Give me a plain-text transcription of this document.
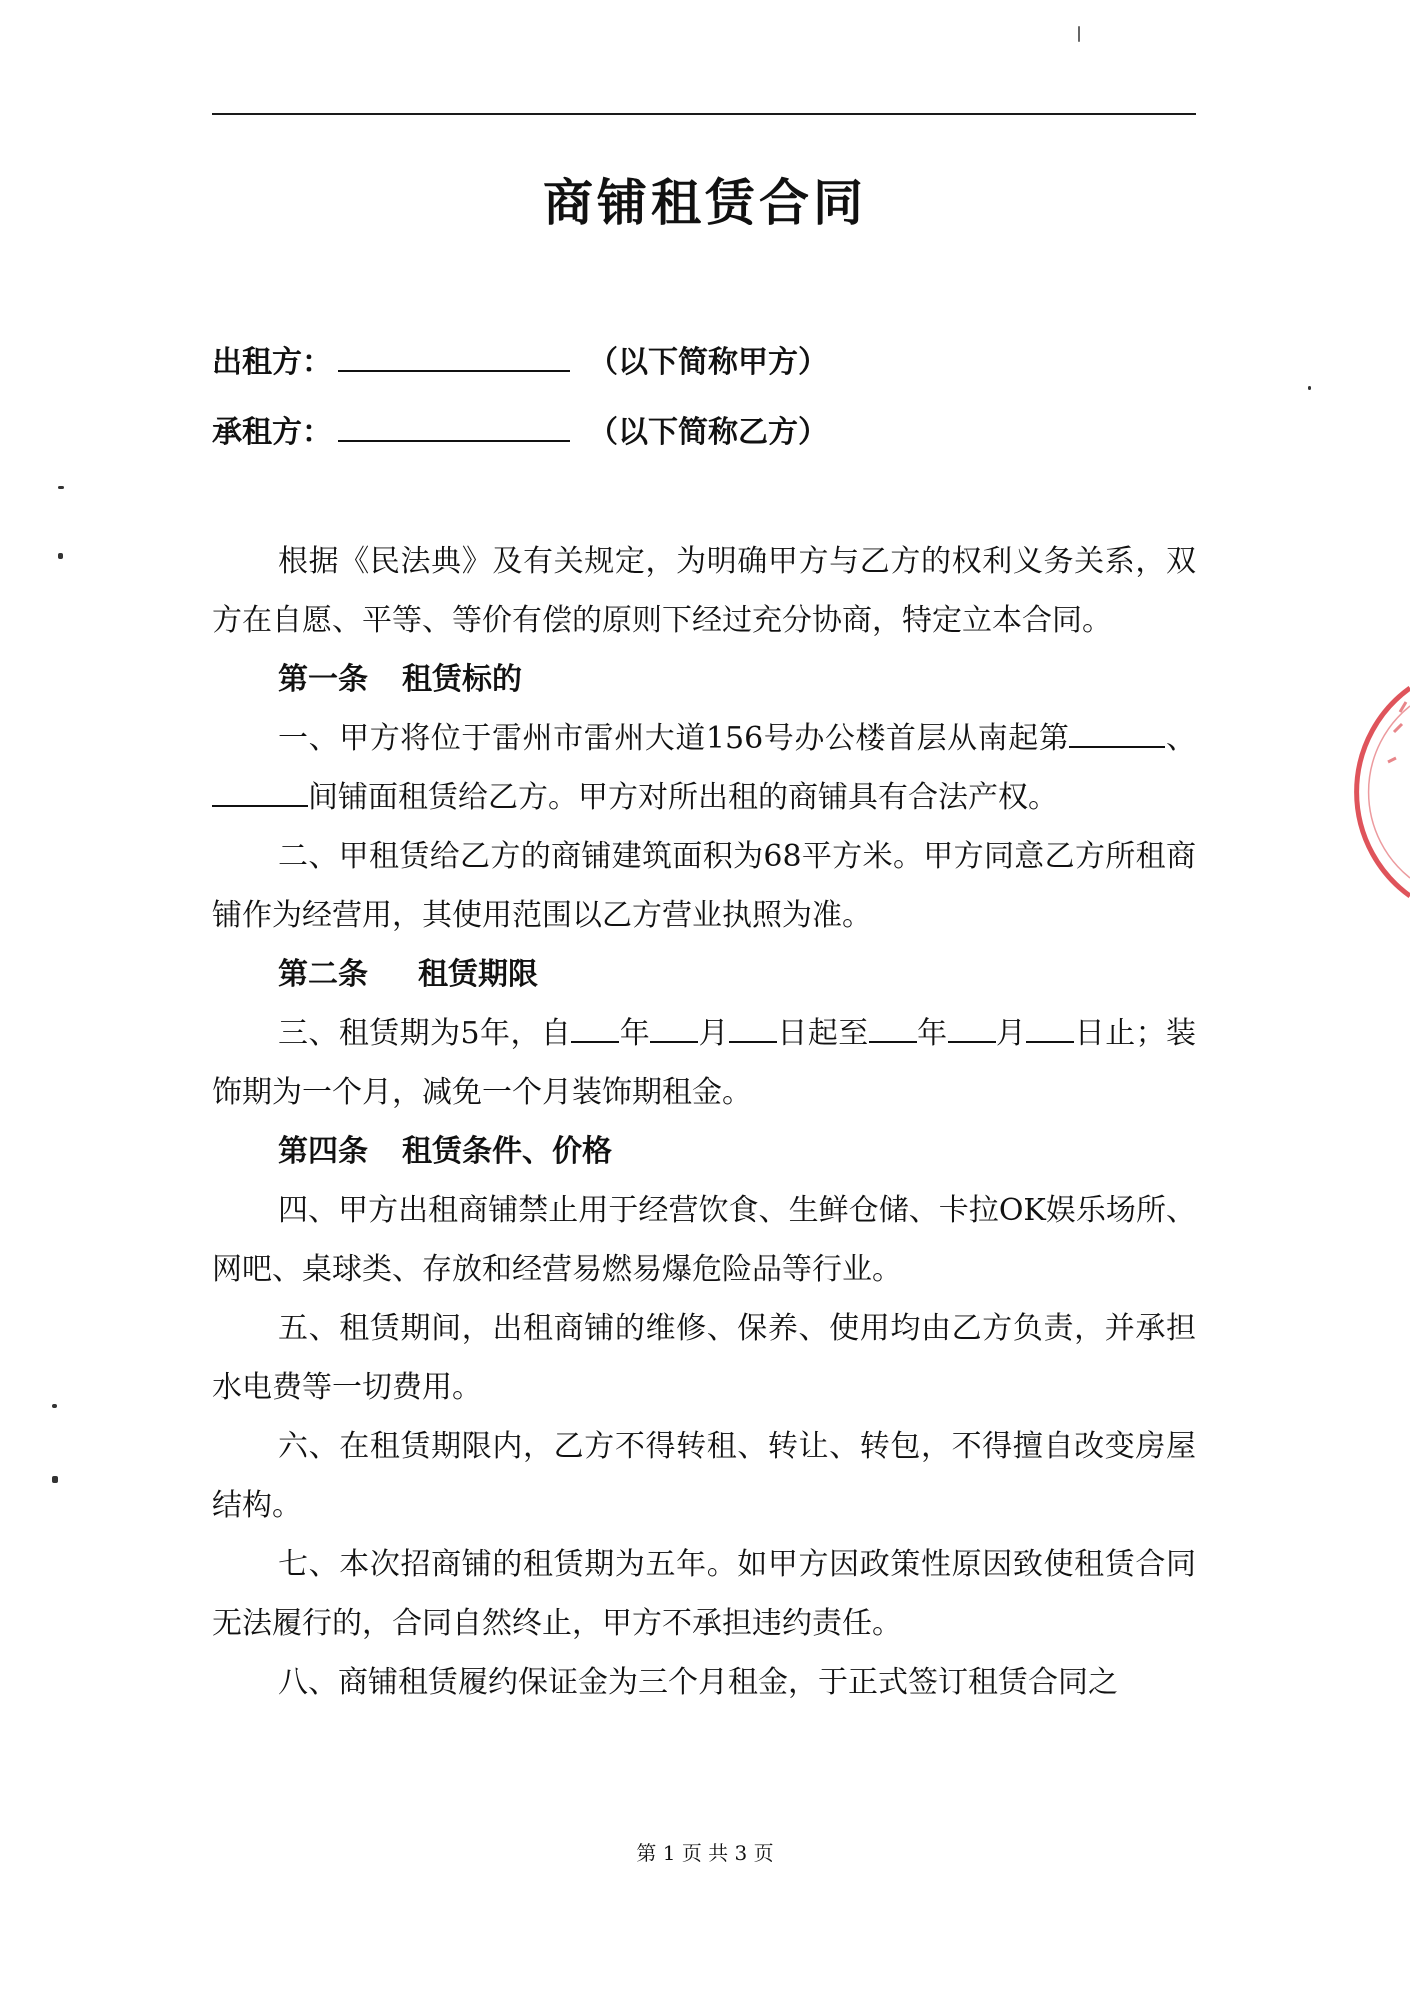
商铺租赁合同
出租方：	（以下简称甲方）
承租方：	（以下简称乙方）

根据《民法典》及有关规定，为明确甲方与乙方的权利义务关系，双方在自愿、平等、等价有偿的原则下经过充分协商，特定立本合同。

第一条 租赁标的

一、甲方将位于雷州市雷州大道156号办公楼首层从南起第	、间铺面租赁给乙方。甲方对所出租的商铺具有合法产权。

二、甲租赁给乙方的商铺建筑面积为68平方米。甲方同意乙方所租商铺作为经营用，其使用范围以乙方营业执照为准。

第二条 租赁期限

三、租赁期为5年，自 年 月 日起至 年 月 日止；装饰期为一个月，减免一个月装饰期租金。

第四条 租赁条件、价格

四、甲方出租商铺禁止用于经营饮食、生鲜仓储、卡拉OK娱乐场所、网吧、桌球类、存放和经营易燃易爆危险品等行业。

五、租赁期间，出租商铺的维修、保养、使用均由乙方负责，并承担水电费等一切费用。

六、在租赁期限内，乙方不得转租、转让、转包，不得擅自改变房屋结构。

七、本次招商铺的租赁期为五年。如甲方因政策性原因致使租赁合同无法履行的，合同自然终止，甲方不承担违约责任。

八、商铺租赁履约保证金为三个月租金，于正式签订租赁合同之

第 1 页 共 3 页
